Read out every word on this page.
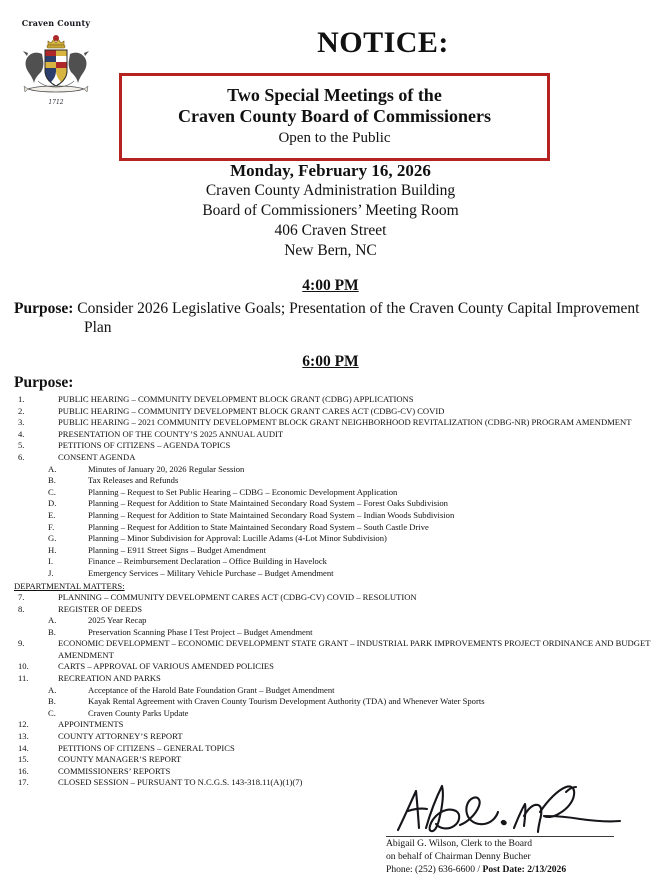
Craven County
1712
NOTICE:
Two Special Meetings of the
Craven County Board of Commissioners
Open to the Public
Monday, February 16, 2026
Craven County Administration Building
Board of Commissioners’ Meeting Room
406 Craven Street
New Bern, NC
4:00 PM
Purpose: Consider 2026 Legislative Goals; Presentation of the Craven County Capital Improvement Plan
6:00 PM
Purpose:
1.	PUBLIC HEARING – COMMUNITY DEVELOPMENT BLOCK GRANT (CDBG) APPLICATIONS
2.	PUBLIC HEARING – COMMUNITY DEVELOPMENT BLOCK GRANT CARES ACT (CDBG-CV) COVID
3.	PUBLIC HEARING – 2021 COMMUNITY DEVELOPMENT BLOCK GRANT NEIGHBORHOOD REVITALIZATION (CDBG-NR) PROGRAM AMENDMENT
4.	PRESENTATION OF THE COUNTY’S 2025 ANNUAL AUDIT
5.	PETITIONS OF CITIZENS – AGENDA TOPICS
6.	CONSENT AGENDA
A.	Minutes of January 20, 2026 Regular Session
B.	Tax Releases and Refunds
C.	Planning – Request to Set Public Hearing – CDBG – Economic Development Application
D.	Planning – Request for Addition to State Maintained Secondary Road System – Forest Oaks Subdivision
E.	Planning – Request for Addition to State Maintained Secondary Road System – Indian Woods Subdivision
F.	Planning – Request for Addition to State Maintained Secondary Road System – South Castle Drive
G.	Planning – Minor Subdivision for Approval: Lucille Adams (4-Lot Minor Subdivision)
H.	Planning – E911 Street Signs – Budget Amendment
I.	Finance – Reimbursement Declaration – Office Building in Havelock
J.	Emergency Services – Military Vehicle Purchase – Budget Amendment
DEPARTMENTAL MATTERS:
7.	PLANNING – COMMUNITY DEVELOPMENT CARES ACT (CDBG-CV) COVID – RESOLUTION
8.	REGISTER OF DEEDS
A.	2025 Year Recap
B.	Preservation Scanning Phase I Test Project – Budget Amendment
9.	ECONOMIC DEVELOPMENT – ECONOMIC DEVELOPMENT STATE GRANT – INDUSTRIAL PARK IMPROVEMENTS PROJECT ORDINANCE AND BUDGET AMENDMENT
10.	CARTS – APPROVAL OF VARIOUS AMENDED POLICIES
11.	RECREATION AND PARKS
A.	Acceptance of the Harold Bate Foundation Grant – Budget Amendment
B.	Kayak Rental Agreement with Craven County Tourism Development Authority (TDA) and Whenever Water Sports
C.	Craven County Parks Update
12.	APPOINTMENTS
13.	COUNTY ATTORNEY’S REPORT
14.	PETITIONS OF CITIZENS – GENERAL TOPICS
15.	COUNTY MANAGER’S REPORT
16.	COMMISSIONERS’ REPORTS
17.	CLOSED SESSION – PURSUANT TO N.C.G.S. 143-318.11(A)(1)(7)
Abigail G. Wilson, Clerk to the Board
on behalf of Chairman Denny Bucher
Phone: (252) 636-6600 / Post Date: 2/13/2026
